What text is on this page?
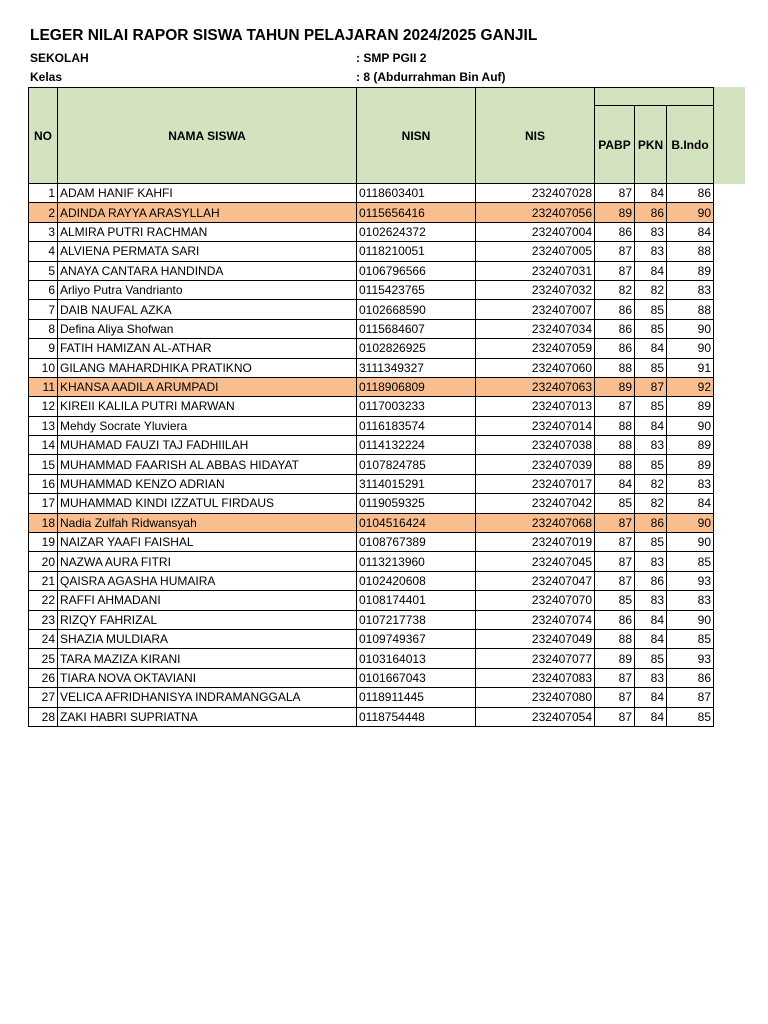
LEGER NILAI RAPOR SISWA TAHUN PELAJARAN 2024/2025 GANJIL
SEKOLAH	: SMP PGII 2
Kelas	: 8 (Abdurrahman Bin Auf)
NO	NAMA SISWA	NISN	NIS			
				PABP	PKN	B.Indo
1	ADAM HANIF KAHFI	0118603401	232407028	87	84	86
2	ADINDA RAYYA ARASYLLAH	0115656416	232407056	89	86	90
3	ALMIRA PUTRI RACHMAN	0102624372	232407004	86	83	84
4	ALVIENA PERMATA SARI	0118210051	232407005	87	83	88
5	ANAYA CANTARA HANDINDA	0106796566	232407031	87	84	89
6	Arliyo Putra Vandrianto	0115423765	232407032	82	82	83
7	DAIB NAUFAL AZKA	0102668590	232407007	86	85	88
8	Defina Aliya Shofwan	0115684607	232407034	86	85	90
9	FATIH HAMIZAN AL-ATHAR	0102826925	232407059	86	84	90
10	GILANG MAHARDHIKA PRATIKNO	3111349327	232407060	88	85	91
11	KHANSA AADILA ARUMPADI	0118906809	232407063	89	87	92
12	KIREII KALILA PUTRI MARWAN	0117003233	232407013	87	85	89
13	Mehdy Socrate Yluviera	0116183574	232407014	88	84	90
14	MUHAMAD FAUZI TAJ FADHIILAH	0114132224	232407038	88	83	89
15	MUHAMMAD FAARISH AL ABBAS HIDAYAT	0107824785	232407039	88	85	89
16	MUHAMMAD KENZO ADRIAN	3114015291	232407017	84	82	83
17	MUHAMMAD KINDI IZZATUL FIRDAUS	0119059325	232407042	85	82	84
18	Nadia Zulfah Ridwansyah	0104516424	232407068	87	86	90
19	NAIZAR YAAFI FAISHAL	0108767389	232407019	87	85	90
20	NAZWA AURA FITRI	0113213960	232407045	87	83	85
21	QAISRA AGASHA HUMAIRA	0102420608	232407047	87	86	93
22	RAFFI AHMADANI	0108174401	232407070	85	83	83
23	RIZQY FAHRIZAL	0107217738	232407074	86	84	90
24	SHAZIA MULDIARA	0109749367	232407049	88	84	85
25	TARA MAZIZA KIRANI	0103164013	232407077	89	85	93
26	TIARA NOVA OKTAVIANI	0101667043	232407083	87	83	86
27	VELICA AFRIDHANISYA INDRAMANGGALA	0118911445	232407080	87	84	87
28	ZAKI HABRI SUPRIATNA	0118754448	232407054	87	84	85
